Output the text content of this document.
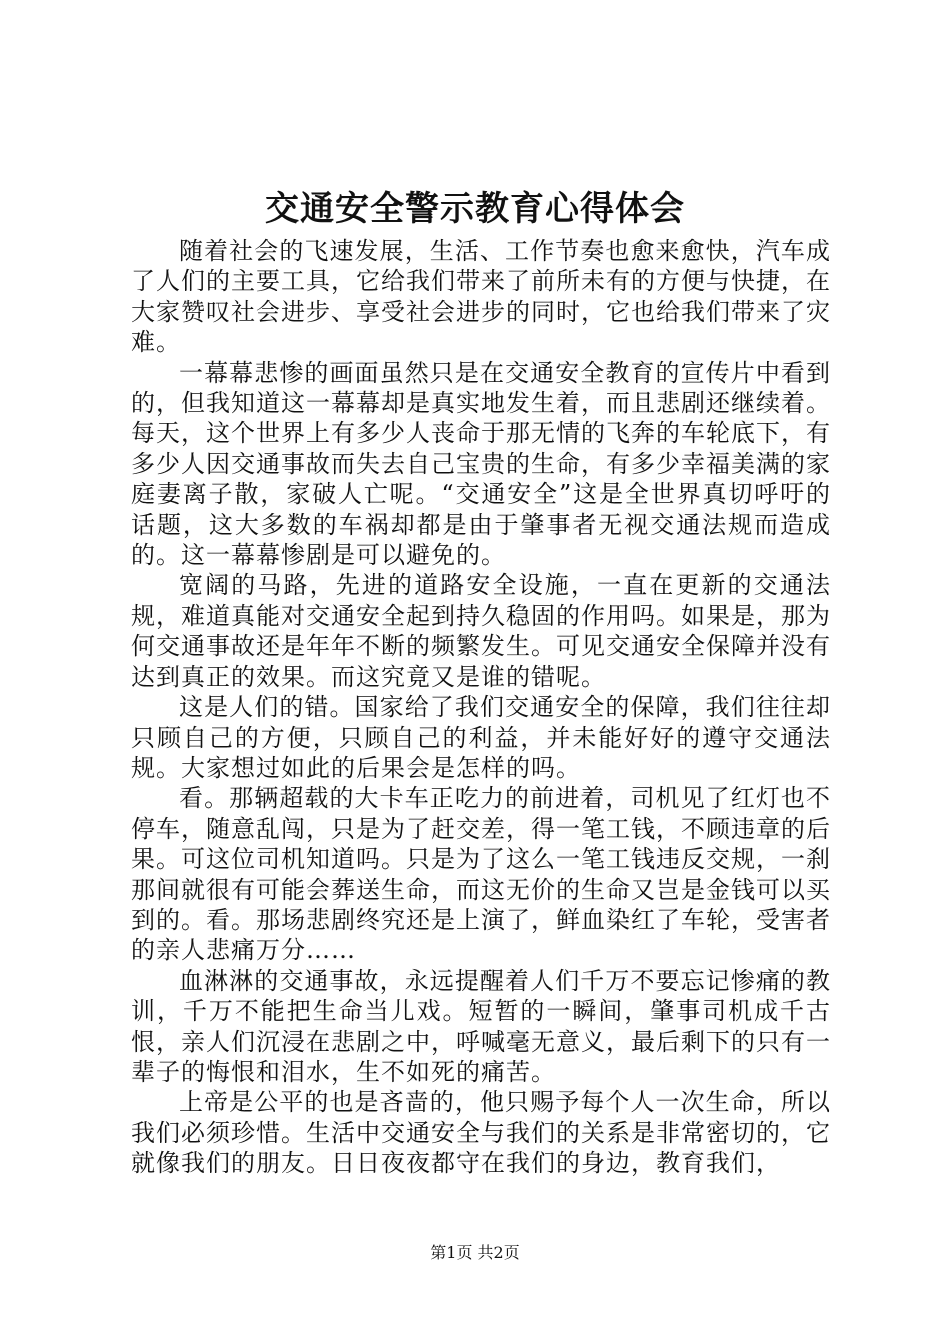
交通安全警示教育心得体会

随着社会的飞速发展，生活、工作节奏也愈来愈快，汽车成了人们的主要工具，它给我们带来了前所未有的方便与快捷，在大家赞叹社会进步、享受社会进步的同时，它也给我们带来了灾难。

一幕幕悲惨的画面虽然只是在交通安全教育的宣传片中看到的，但我知道这一幕幕却是真实地发生着，而且悲剧还继续着。每天，这个世界上有多少人丧命于那无情的飞奔的车轮底下，有多少人因交通事故而失去自己宝贵的生命，有多少幸福美满的家庭妻离子散，家破人亡呢。“交通安全”这是全世界真切呼吁的话题，这大多数的车祸却都是由于肇事者无视交通法规而造成的。这一幕幕惨剧是可以避免的。

宽阔的马路，先进的道路安全设施，一直在更新的交通法规，难道真能对交通安全起到持久稳固的作用吗。如果是，那为何交通事故还是年年不断的频繁发生。可见交通安全保障并没有达到真正的效果。而这究竟又是谁的错呢。

这是人们的错。国家给了我们交通安全的保障，我们往往却只顾自己的方便，只顾自己的利益，并未能好好的遵守交通法规。大家想过如此的后果会是怎样的吗。

看。那辆超载的大卡车正吃力的前进着，司机见了红灯也不停车，随意乱闯，只是为了赶交差，得一笔工钱，不顾违章的后果。可这位司机知道吗。只是为了这么一笔工钱违反交规，一刹那间就很有可能会葬送生命，而这无价的生命又岂是金钱可以买到的。看。那场悲剧终究还是上演了，鲜血染红了车轮，受害者的亲人悲痛万分……

血淋淋的交通事故，永远提醒着人们千万不要忘记惨痛的教训，千万不能把生命当儿戏。短暂的一瞬间，肇事司机成千古恨，亲人们沉浸在悲剧之中，呼喊毫无意义，最后剩下的只有一辈子的悔恨和泪水，生不如死的痛苦。

上帝是公平的也是吝啬的，他只赐予每个人一次生命，所以我们必须珍惜。生活中交通安全与我们的关系是非常密切的，它就像我们的朋友。日日夜夜都守在我们的身边，教育我们，

第1页 共2页
